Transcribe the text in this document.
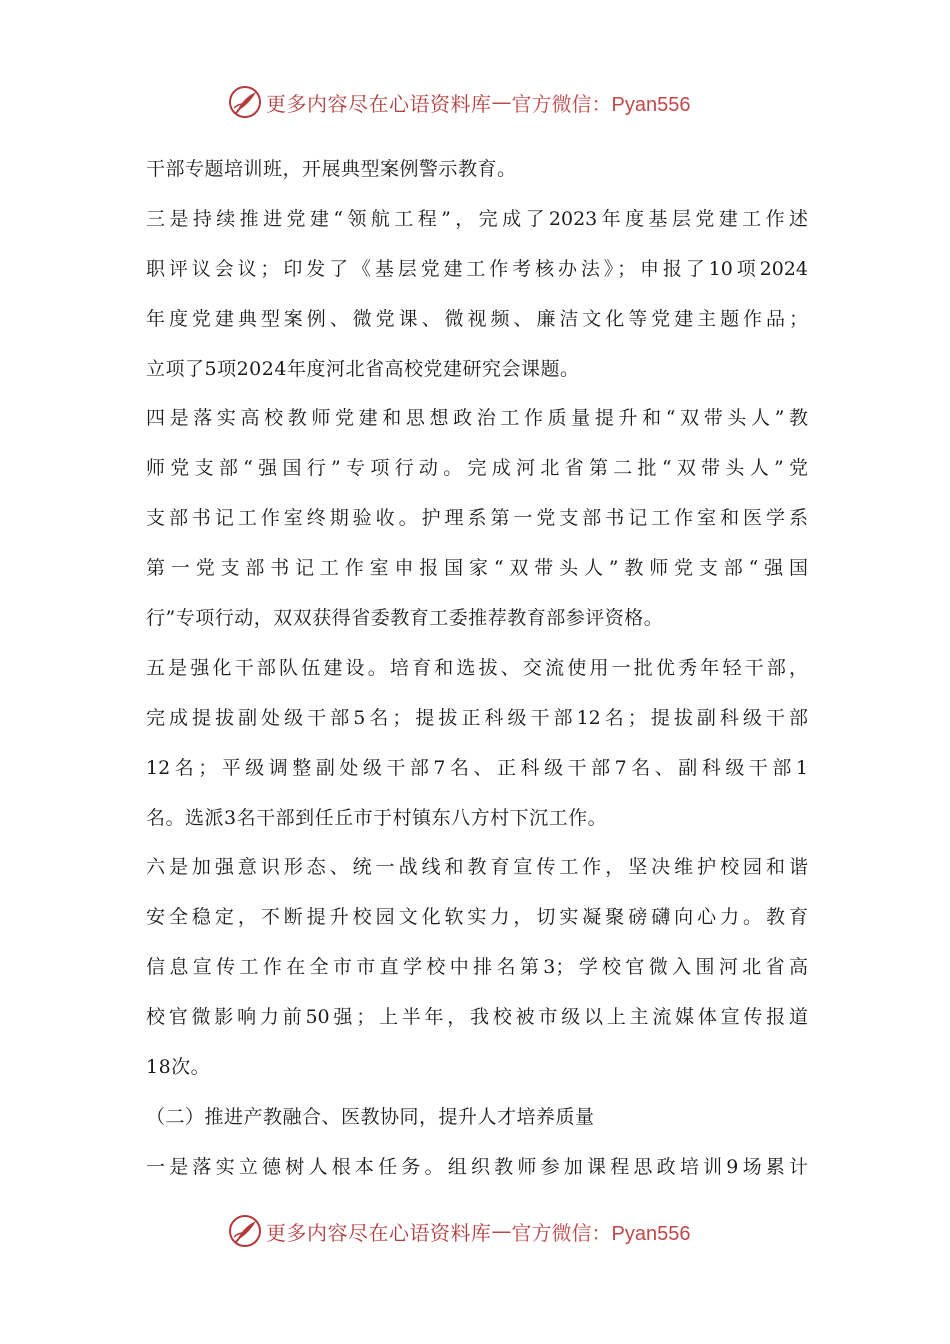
更多内容尽在心语资料库 — 官方微信：Pyan556
干部专题培训班，开展典型案例警示教育。
三是持续推进党建“领航工程”，完成了2023年度基层党建工作述
职评议会议；印发了《基层党建工作考核办法》；申报了10项2024
年度党建典型案例、微党课、微视频、廉洁文化等党建主题作品；
立项了5项2024年度河北省高校党建研究会课题。
四是落实高校教师党建和思想政治工作质量提升和“双带头人”教
师党支部“强国行”专项行动。完成河北省第二批“双带头人”党
支部书记工作室终期验收。护理系第一党支部书记工作室和医学系
第一党支部书记工作室申报国家“双带头人”教师党支部“强国
行”专项行动，双双获得省委教育工委推荐教育部参评资格。
五是强化干部队伍建设。培育和选拔、交流使用一批优秀年轻干部，
完成提拔副处级干部5名；提拔正科级干部12名；提拔副科级干部
12名；平级调整副处级干部7名、正科级干部7名、副科级干部1
名。选派3名干部到任丘市于村镇东八方村下沉工作。
六是加强意识形态、统一战线和教育宣传工作，坚决维护校园和谐
安全稳定，不断提升校园文化软实力，切实凝聚磅礴向心力。教育
信息宣传工作在全市市直学校中排名第3；学校官微入围河北省高
校官微影响力前50强；上半年，我校被市级以上主流媒体宣传报道
18次。
（二）推进产教融合、医教协同，提升人才培养质量
一是落实立德树人根本任务。组织教师参加课程思政培训9场累计
更多内容尽在心语资料库 — 官方微信：Pyan556
